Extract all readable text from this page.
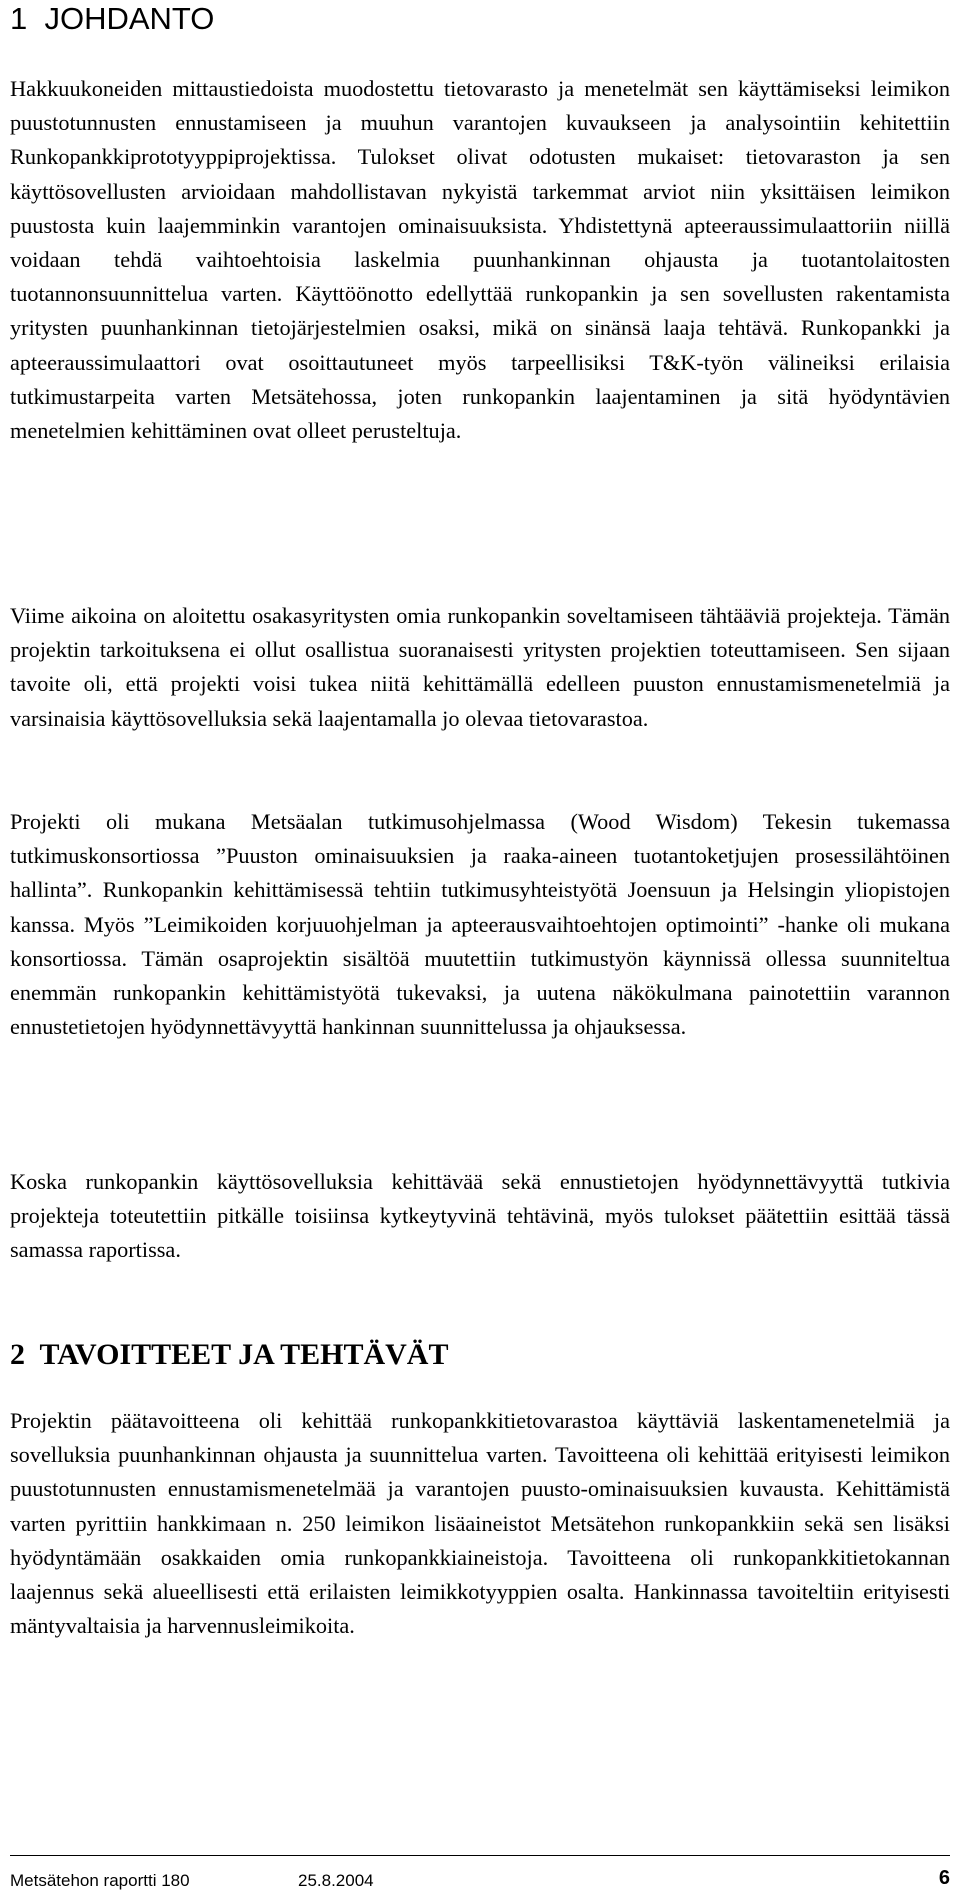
1  JOHDANTO

Hakkuukoneiden mittaustiedoista muodostettu tietovarasto ja menetelmät sen käyttämiseksi leimikon puustotunnusten ennustamiseen ja muuhun varantojen kuvaukseen ja analysointiin kehitettiin Runkopankkiprototyyppiprojektissa. Tulokset olivat odotusten mukaiset: tietovaraston ja sen käyttösovellusten arvioidaan mahdollistavan nykyistä tarkemmat arviot niin yksittäisen leimikon puustosta kuin laajemminkin varantojen ominaisuuksista. Yhdistettynä apteeraussimulaattoriin niillä voidaan tehdä vaihtoehtoisia laskelmia puunhankinnan ohjausta ja tuotantolaitosten tuotannonsuunnittelua varten. Käyttöönotto edellyttää runkopankin ja sen sovellusten rakentamista yritysten puunhankinnan tietojärjestelmien osaksi, mikä on sinänsä laaja tehtävä. Runkopankki ja apteeraussimulaattori ovat osoittautuneet myös tarpeellisiksi T&K-työn välineiksi erilaisia tutkimustarpeita varten Metsätehossa, joten runkopankin laajentaminen ja sitä hyödyntävien menetelmien kehittäminen ovat olleet perusteltuja.

Viime aikoina on aloitettu osakasyritysten omia runkopankin soveltamiseen tähtääviä projekteja. Tämän projektin tarkoituksena ei ollut osallistua suoranaisesti yritysten projektien toteuttamiseen. Sen sijaan tavoite oli, että projekti voisi tukea niitä kehittämällä edelleen puuston ennustamismenetelmiä ja varsinaisia käyttösovelluksia sekä laajentamalla jo olevaa tietovarastoa.

Projekti oli mukana Metsäalan tutkimusohjelmassa (Wood Wisdom) Tekesin tukemassa tutkimuskonsortiossa ”Puuston ominaisuuksien ja raaka-aineen tuotantoketjujen prosessilähtöinen hallinta”. Runkopankin kehittämisessä tehtiin tutkimusyhteistyötä Joensuun ja Helsingin yliopistojen kanssa. Myös ”Leimikoiden korjuuohjelman ja apteerausvaihtoehtojen optimointi” -hanke oli mukana konsortiossa. Tämän osaprojektin sisältöä muutettiin tutkimustyön käynnissä ollessa suunniteltua enemmän runkopankin kehittämistyötä tukevaksi, ja uutena näkökulmana painotettiin varannon ennustetietojen hyödynnettävyyttä hankinnan suunnittelussa ja ohjauksessa.

Koska runkopankin käyttösovelluksia kehittävää sekä ennustietojen hyödynnettävyyttä tutkivia projekteja toteutettiin pitkälle toisiinsa kytkeytyvinä tehtävinä, myös tulokset päätettiin esittää tässä samassa raportissa.

2  TAVOITTEET JA TEHTÄVÄT

Projektin päätavoitteena oli kehittää runkopankkitietovarastoa käyttäviä laskentamenetelmiä ja sovelluksia puunhankinnan ohjausta ja suunnittelua varten. Tavoitteena oli kehittää erityisesti leimikon puustotunnusten ennustamismenetelmää ja varantojen puusto-ominaisuuksien kuvausta. Kehittämistä varten pyrittiin hankkimaan n. 250 leimikon lisäaineistot Metsätehon runkopankkiin sekä sen lisäksi hyödyntämään osakkaiden omia runkopankkiaineistoja. Tavoitteena oli runkopankkitietokannan laajennus sekä alueellisesti että erilaisten leimikkotyyppien osalta. Hankinnassa tavoiteltiin erityisesti mäntyvaltaisia ja harvennusleimikoita.

Metsätehon raportti 180	25.8.2004	6
